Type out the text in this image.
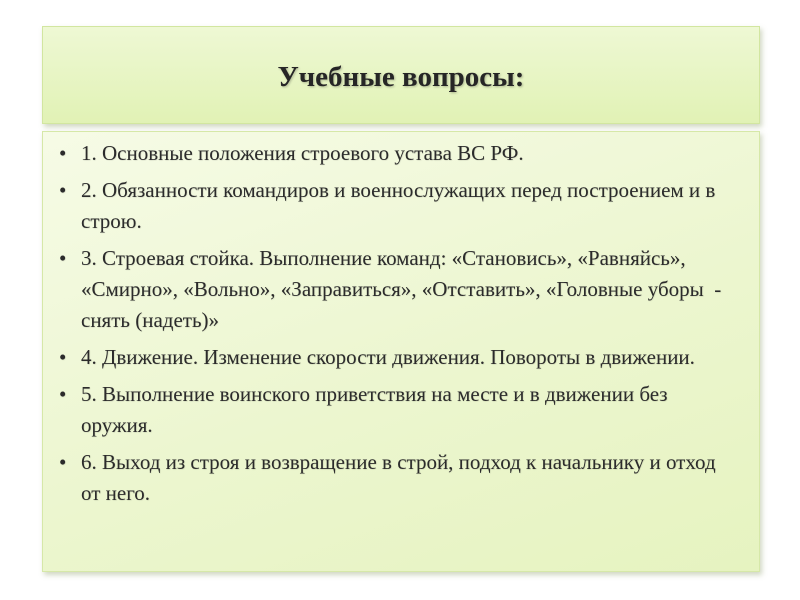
Учебные вопросы:
• 1. Основные положения строевого устава ВС РФ.
• 2. Обязанности командиров и военнослужащих перед построением и в строю.
• 3. Строевая стойка. Выполнение команд: «Становись», «Равняйсь», «Смирно», «Вольно», «Заправиться», «Отставить», «Головные уборы  - снять (надеть)»
• 4. Движение. Изменение скорости движения. Повороты в движении.
• 5. Выполнение воинского приветствия на месте и в движении без оружия.
• 6. Выход из строя и возвращение в строй, подход к начальнику и отход от него.
